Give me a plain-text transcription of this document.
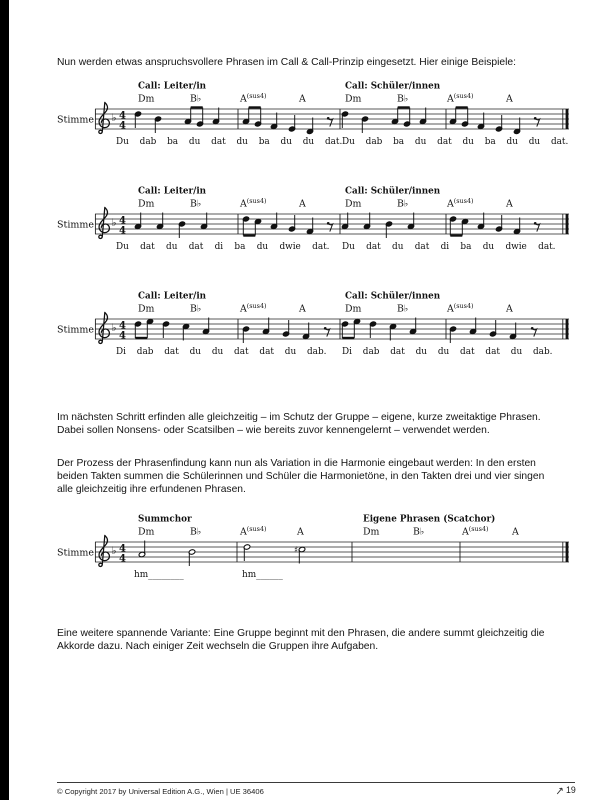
Nun werden etwas anspruchsvollere Phrasen im Call & Call-Prinzip eingesetzt. Hier einige Beispiele:

♭ 4
4
Stimme
Call: Leiter/in	Call: Schüler/innen
Dm	B♭	$A^{(sus4)}$	A	Dm	B♭	$A^{(sus4)}$	A
Du dab ba du dat du ba du du dat. Du dab ba du dat du ba du du dat.
♭ 4
4
Stimme
Call: Leiter/in	Call: Schüler/innen
Dm	B♭	$A^{(sus4)}$	A	Dm	B♭	$A^{(sus4)}$	A
Du dat du dat di ba du dwie dat. Du dat du dat di ba du dwie dat.
♭ 4
4
Stimme
Call: Leiter/in	Call: Schüler/innen
Dm	B♭	$A^{(sus4)}$	A	Dm	B♭	$A^{(sus4)}$	A
Di dab dat du du dat dat du dab. Di dab dat du du dat dat du dab.
Im nächsten Schritt erfinden alle gleichzeitig – im Schutz der Gruppe – eigene, kurze zweitaktige Phrasen.
Dabei sollen Nonsens- oder Scatsilben – wie bereits zuvor kennengelernt – verwendet werden.
Der Prozess der Phrasenfindung kann nun als Variation in die Harmonie eingebaut werden: In den ersten
beiden Takten summen die Schülerinnen und Schüler die Harmonietöne, in den Takten drei und vier singen
alle gleichzeitig ihre erfundenen Phrasen.
♭ 4
4
Stimme
Summchor	Eigene Phrasen (Scatchor)
Dm	B♭	$A^{(sus4)}$	A	Dm	B♭	$A^{(sus4)}$ A
♯
hm________	hm______
Eine weitere spannende Variante: Eine Gruppe beginnt mit den Phrasen, die andere summt gleichzeitig die
Akkorde dazu. Nach einiger Zeit wechseln die Gruppen ihre Aufgaben.
© Copyright 2017 by Universal Edition A.G., Wien | UE 36406	19
